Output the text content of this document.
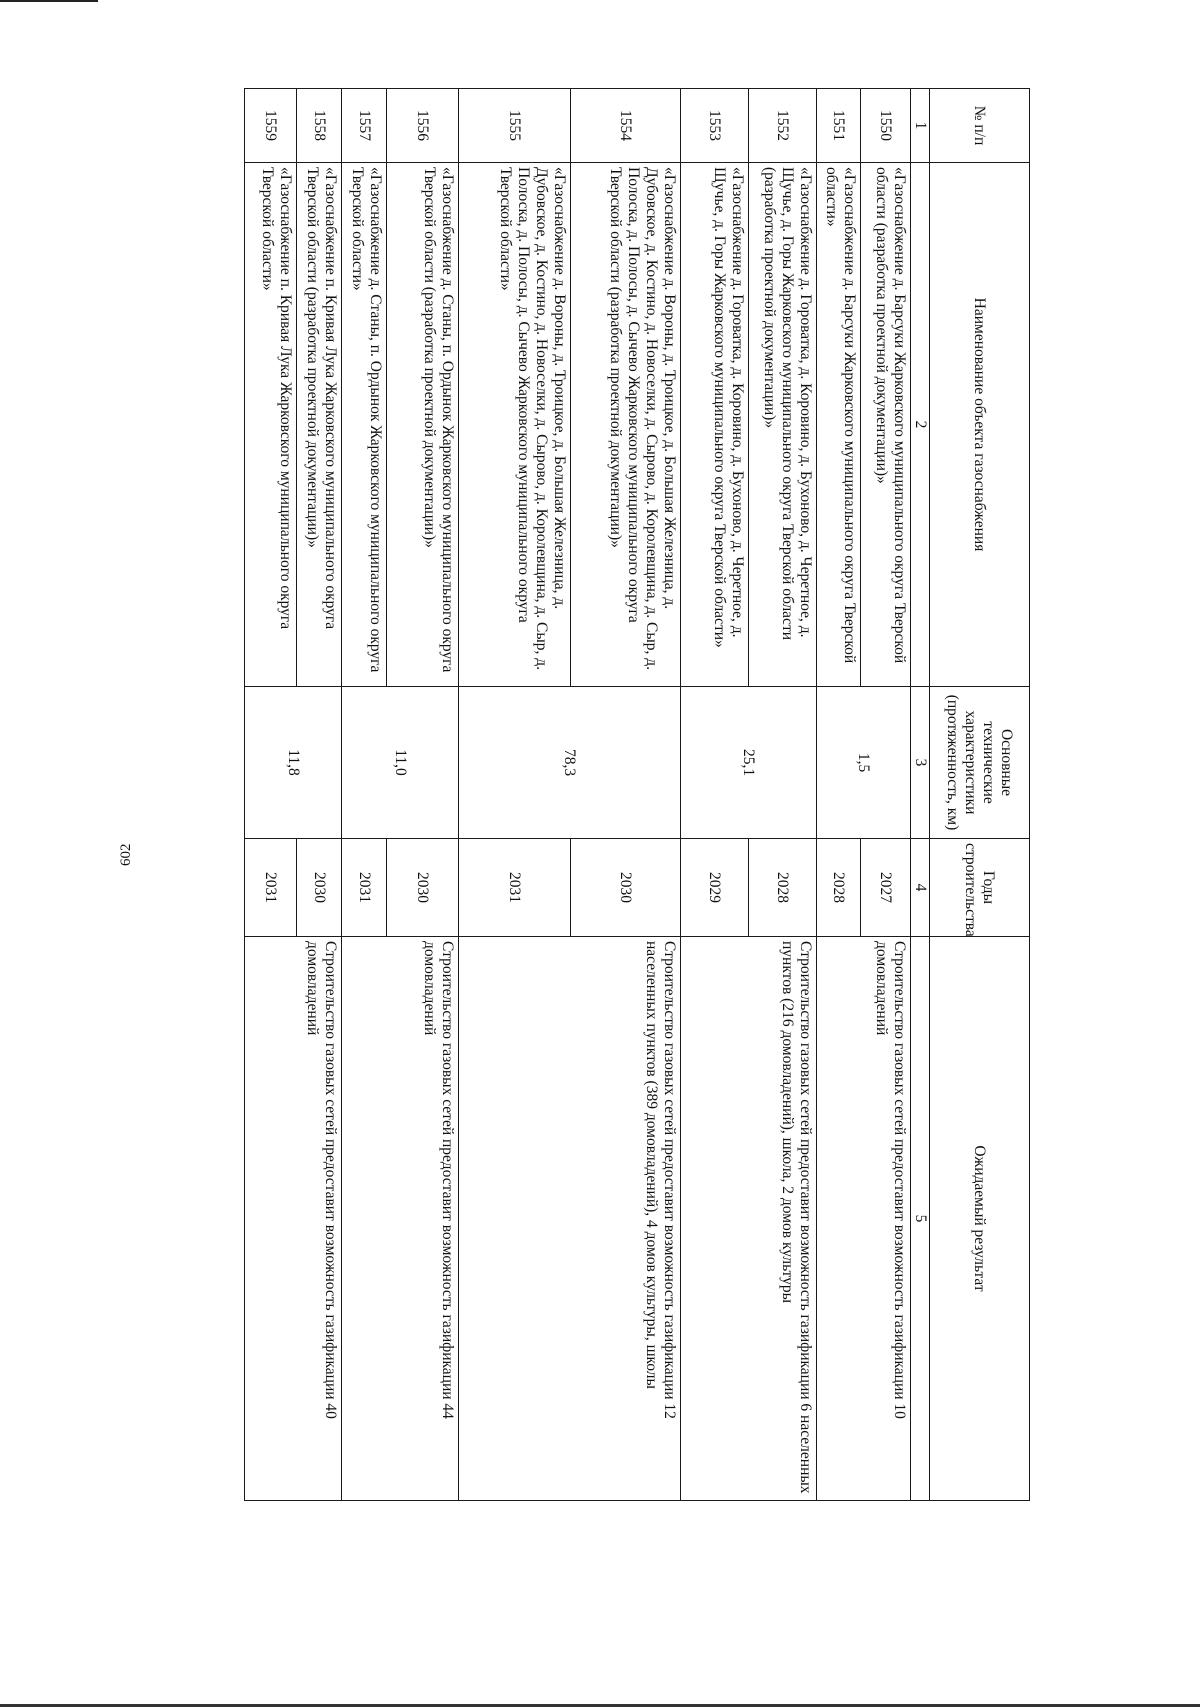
602
№ п/п	Наименование объекта газоснабжения	Основные технические характеристики (протяженность, км)	Годы строительства	Ожидаемый результат
1	2	3	4	5
1550	«Газоснабжение д. Барсуки Жарковского муниципального округа Тверской области (разработка проектной документации)»	1,5	2027	Строительство газовых сетей предоставит возможность газификации 10 домовладений
1551	«Газоснабжение д. Барсуки Жарковского муниципального округа Тверской области»		2028	
1552	«Газоснабжение д. Гороватка, д. Коровино, д. Бухоново, д. Черетное, д. Щучье, д. Горы Жарковского муниципального округа Тверской области (разработка проектной документации)»	25,1	2028	Строительство газовых сетей предоставит возможность газификации 6 населенных пунктов (216 домовладений), школа, 2 домов культуры
1553	«Газоснабжение д. Гороватка, д. Коровино, д. Бухоново, д. Черетное, д. Щучье, д. Горы Жарковского муниципального округа Тверской области»		2029	
1554	«Газоснабжение д. Вороны, д. Троицкое, д. Большая Железница, д. Дубовское, д. Костино, д. Новоселки, д. Сырово, д. Королевщина, д. Сыр, д. Полоска, д. Полосы, д. Сычево Жарковского муниципального округа Тверской области (разработка проектной документации)»	78,3	2030	Строительство газовых сетей предоставит возможность газификации 12 населенных пунктов (389 домовладений), 4 домов культуры, школы
1555	«Газоснабжение д. Вороны, д. Троицкое, д. Большая Железница, д. Дубовское, д. Костино, д. Новоселки, д. Сырово, д. Королевщина, д. Сыр, д. Полоска, д. Полосы, д. Сычево Жарковского муниципального округа Тверской области»		2031	
1556	«Газоснабжение д. Станы, п. Ордынок Жарковского муниципального округа Тверской области (разработка проектной документации)»	11,0	2030	Строительство газовых сетей предоставит возможность газификации 44 домовладений
1557	«Газоснабжение д. Станы, п. Ордынок Жарковского муниципального округа Тверской области»		2031	
1558	«Газоснабжение п. Кривая Лука Жарковского муниципального округа Тверской области (разработка проектной документации)»	11,8	2030	Строительство газовых сетей предоставит возможность газификации 40 домовладений
1559	«Газоснабжение п. Кривая Лука Жарковского муниципального округа Тверской области»		2031	
